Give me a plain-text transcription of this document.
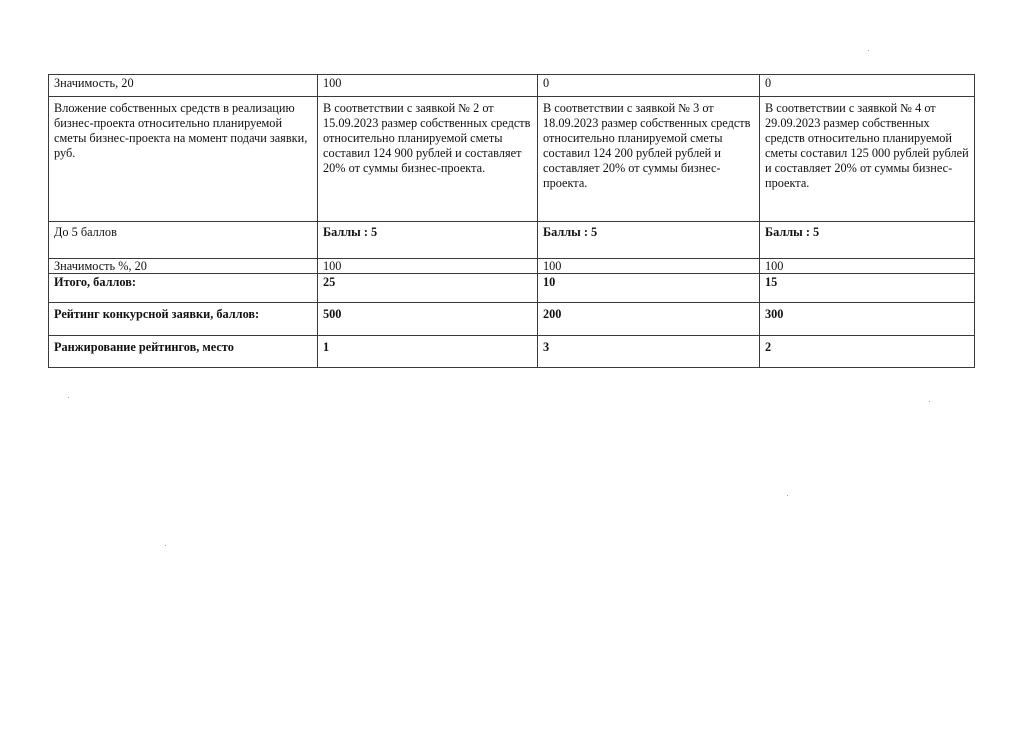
Значимость, 20	100	0	0
Вложение собственных средств в реализацию бизнес-проекта относительно планируемой сметы бизнес-проекта на момент подачи заявки, руб.	В соответствии с заявкой № 2 от 15.09.2023 размер собственных средств относительно планируемой сметы составил 124 900 рублей и составляет 20% от суммы бизнес-проекта.	В соответствии с заявкой № 3 от 18.09.2023 размер собственных средств относительно планируемой сметы составил 124 200 рублей рублей и составляет 20% от суммы бизнес-проекта.	В соответствии с заявкой № 4 от 29.09.2023 размер собственных средств относительно планируемой сметы составил 125 000 рублей рублей и составляет 20% от суммы бизнес-проекта.
До 5 баллов	Баллы : 5	Баллы : 5	Баллы : 5
Значимость %, 20	100	100	100
Итого, баллов:	25	10	15
Рейтинг конкурсной заявки, баллов:	500	200	300
Ранжирование рейтингов, место	1	3	2
